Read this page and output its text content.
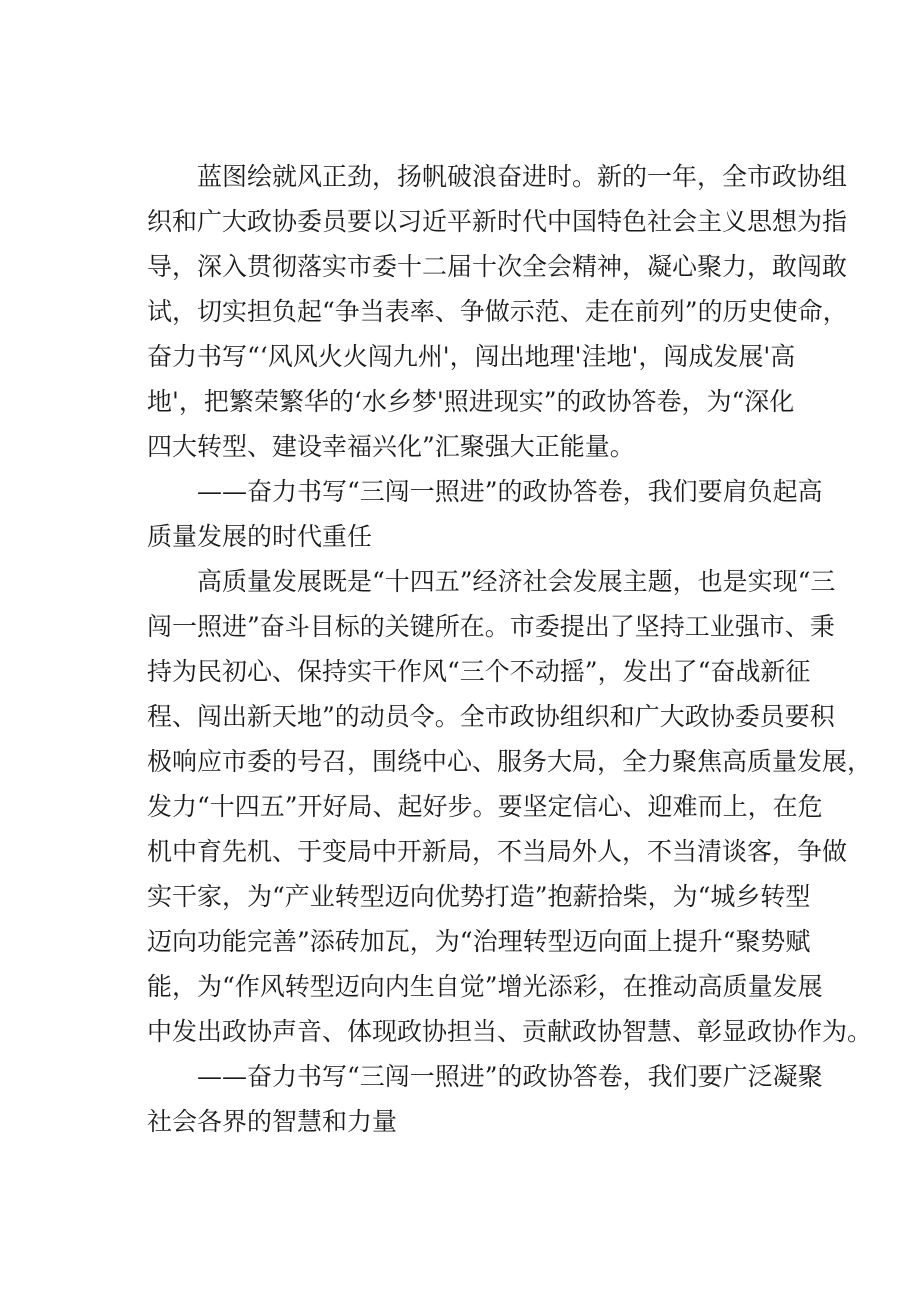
蓝图绘就风正劲，扬帆破浪奋进时。新的一年，全市政协组

织和广大政协委员要以习近平新时代中国特色社会主义思想为指

导，深入贯彻落实市委十二届十次全会精神，凝心聚力，敢闯敢

试，切实担负起“争当表率、争做示范、走在前列”的历史使命，

奋力书写“‘风风火火闯九州'，闯出地理'洼地'，闯成发展'高

地'，把繁荣繁华的‘水乡梦'照进现实”的政协答卷，为“深化

四大转型、建设幸福兴化”汇聚强大正能量。

——奋力书写“三闯一照进”的政协答卷，我们要肩负起高

质量发展的时代重任

高质量发展既是“十四五”经济社会发展主题，也是实现“三

闯一照进”奋斗目标的关键所在。市委提出了坚持工业强市、秉

持为民初心、保持实干作风“三个不动摇”，发出了“奋战新征

程、闯出新天地”的动员令。全市政协组织和广大政协委员要积

极响应市委的号召，围绕中心、服务大局，全力聚焦高质量发展，

发力“十四五”开好局、起好步。要坚定信心、迎难而上，在危

机中育先机、于变局中开新局，不当局外人，不当清谈客，争做

实干家，为“产业转型迈向优势打造”抱薪拾柴，为“城乡转型

迈向功能完善”添砖加瓦，为“治理转型迈向面上提升“聚势赋

能，为“作风转型迈向内生自觉”增光添彩，在推动高质量发展

中发出政协声音、体现政协担当、贡献政协智慧、彰显政协作为。

——奋力书写“三闯一照进”的政协答卷，我们要广泛凝聚

社会各界的智慧和力量
